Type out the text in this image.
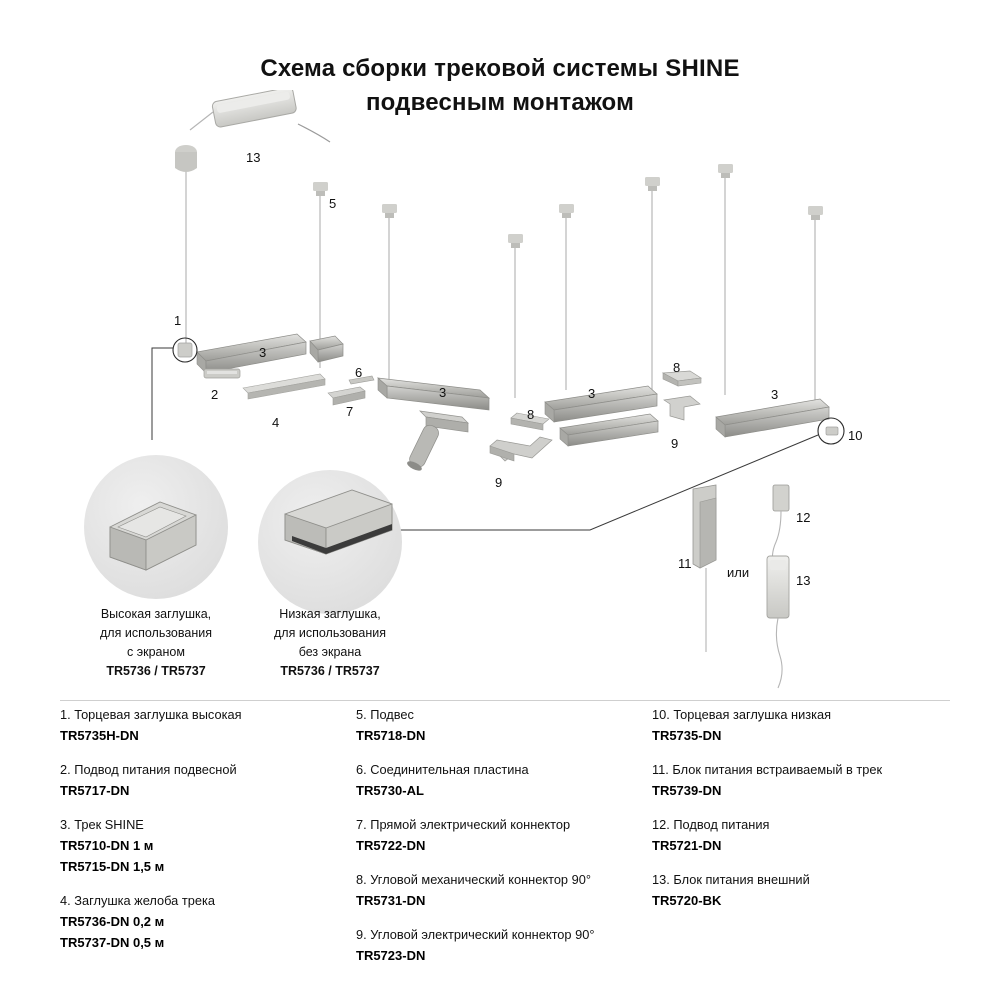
Схема сборки трековой системы SHINE
подвесным монтажом
1
2
3
4
5
6
7
3
8
9
3
8
9
3
10
11
12
13
13
или
Высокая заглушка,
для использования
с экраном
TR5736 / TR5737
Низкая заглушка,
для использования
без экрана
TR5736 / TR5737
1. Торцевая заглушка высокая
TR5735H-DN
2. Подвод питания подвесной
TR5717-DN
3. Трек SHINE
TR5710-DN 1 м
TR5715-DN 1,5 м
4. Заглушка желоба трека
TR5736-DN 0,2 м
TR5737-DN 0,5 м
5. Подвес
TR5718-DN
6. Соединительная пластина
TR5730-AL
7. Прямой электрический коннектор
TR5722-DN
8. Угловой механический коннектор 90°
TR5731-DN
9. Угловой электрический коннектор 90°
TR5723-DN
10. Торцевая заглушка низкая
TR5735-DN
11. Блок питания встраиваемый в трек
TR5739-DN
12. Подвод питания
TR5721-DN
13. Блок питания внешний
TR5720-BK
